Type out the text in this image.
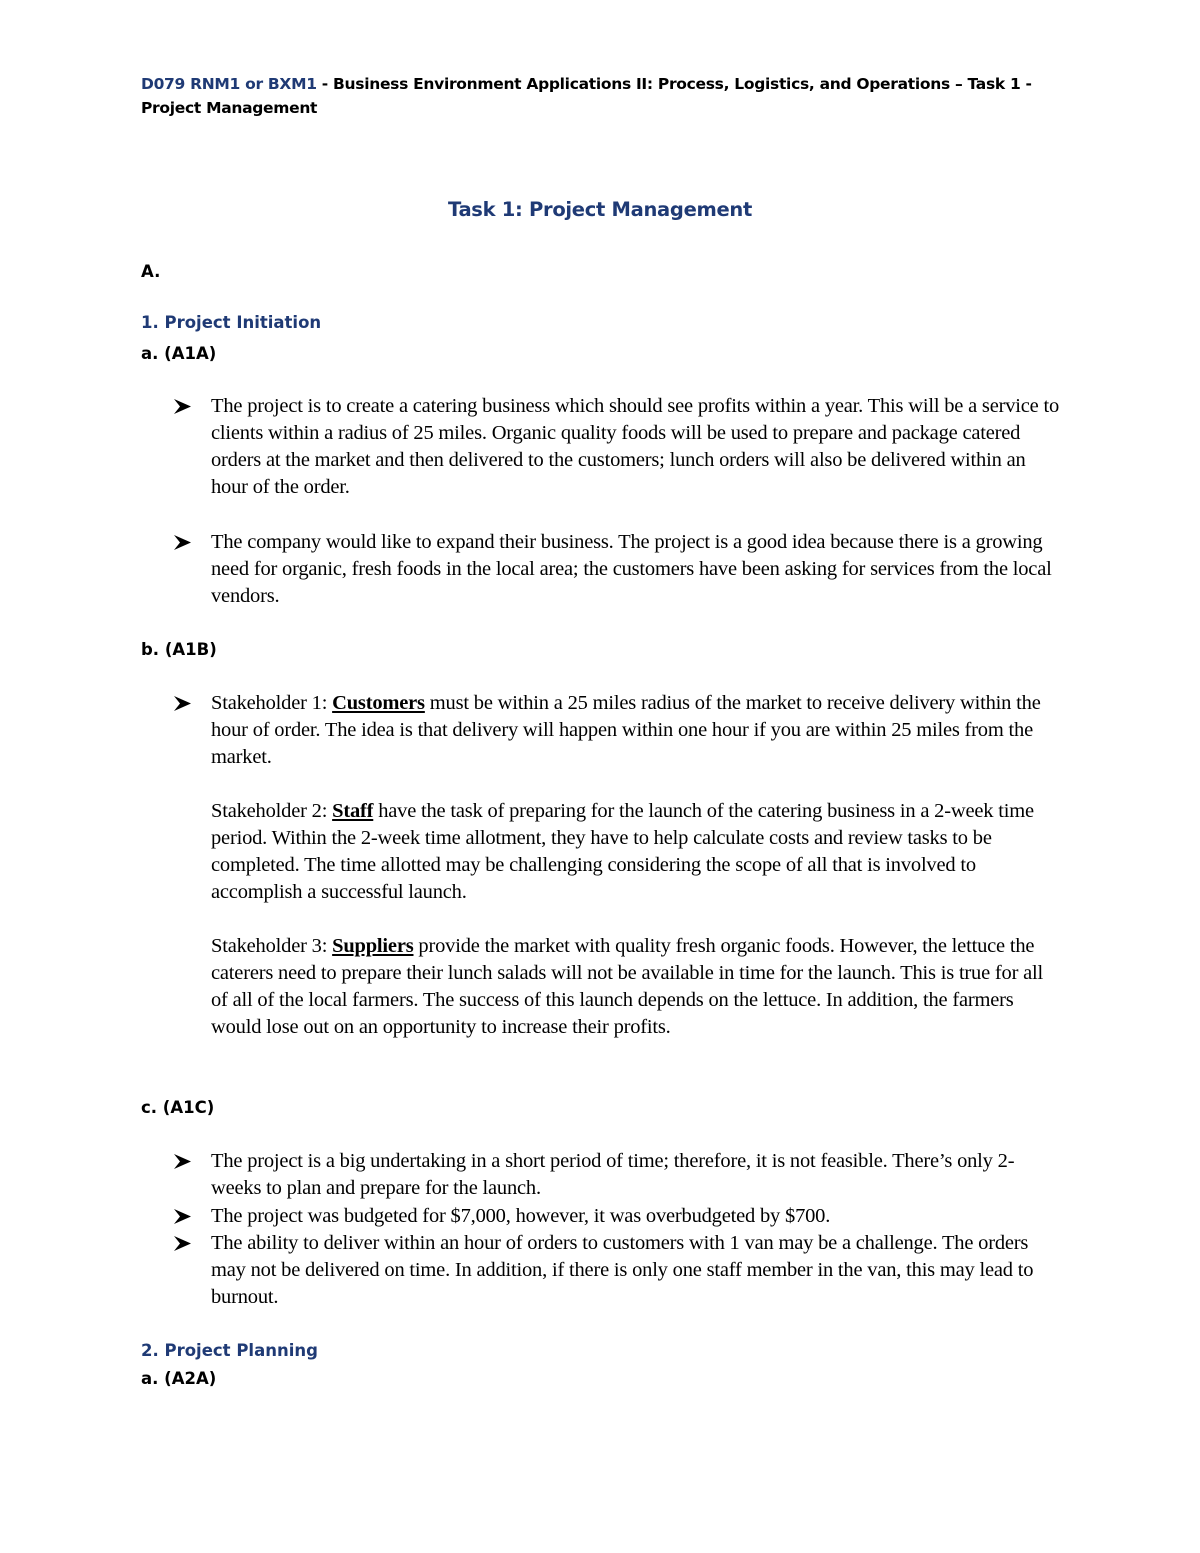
D079 RNM1 or BXM1 - Business Environment Applications II: Process, Logistics, and Operations – Task 1 - Project Management
Task 1: Project Management
A.
1. Project Initiation
a. (A1A)
The project is to create a catering business which should see profits within a year. This will be a service to clients within a radius of 25 miles. Organic quality foods will be used to prepare and package catered orders at the market and then delivered to the customers; lunch orders will also be delivered within an hour of the order.
The company would like to expand their business. The project is a good idea because there is a growing need for organic, fresh foods in the local area; the customers have been asking for services from the local vendors.
b. (A1B)
Stakeholder 1: Customers must be within a 25 miles radius of the market to receive delivery within the hour of order. The idea is that delivery will happen within one hour if you are within 25 miles from the market.
Stakeholder 2: Staff have the task of preparing for the launch of the catering business in a 2-week time period. Within the 2-week time allotment, they have to help calculate costs and review tasks to be completed. The time allotted may be challenging considering the scope of all that is involved to accomplish a successful launch.
Stakeholder 3: Suppliers provide the market with quality fresh organic foods. However, the lettuce the caterers need to prepare their lunch salads will not be available in time for the launch. This is true for all of all of the local farmers. The success of this launch depends on the lettuce. In addition, the farmers would lose out on an opportunity to increase their profits.
c. (A1C)
The project is a big undertaking in a short period of time; therefore, it is not feasible. There’s only 2-weeks to plan and prepare for the launch.
The project was budgeted for $7,000, however, it was overbudgeted by $700.
The ability to deliver within an hour of orders to customers with 1 van may be a challenge. The orders may not be delivered on time. In addition, if there is only one staff member in the van, this may lead to burnout.
2. Project Planning
a. (A2A)
